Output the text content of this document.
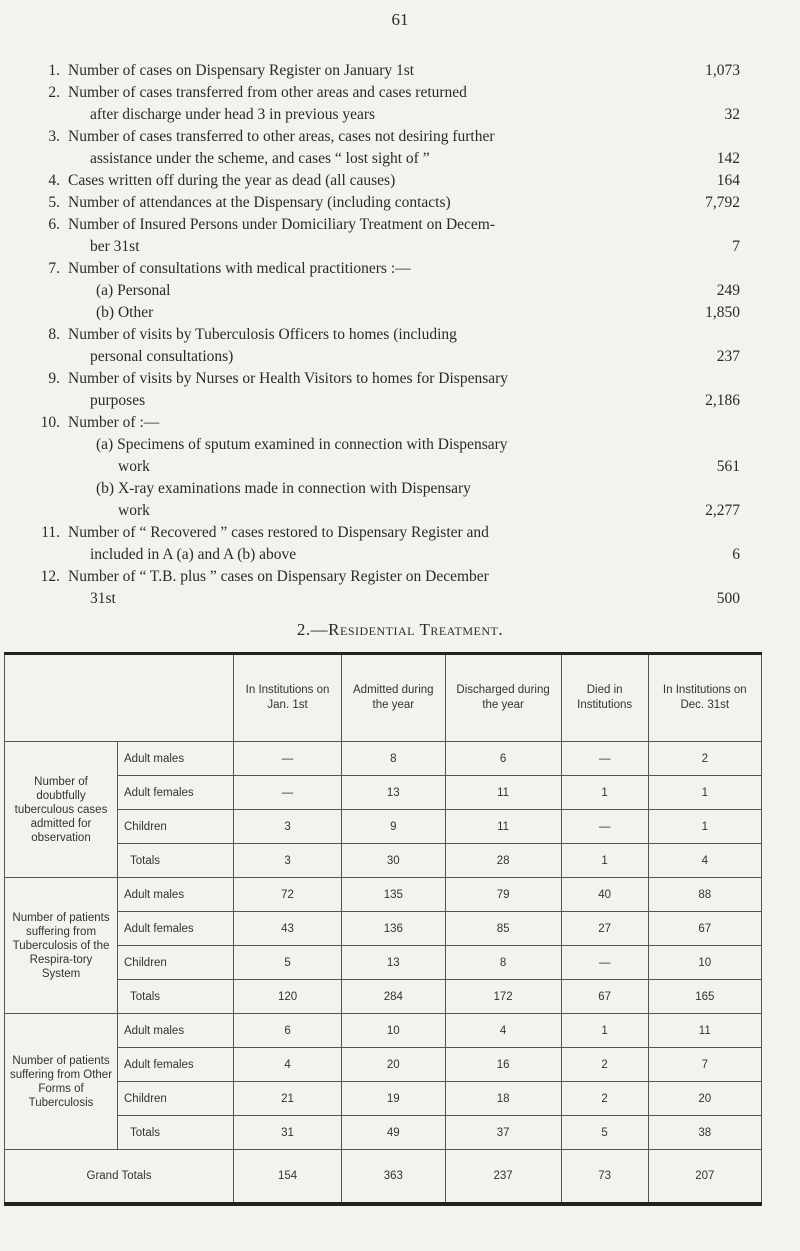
61
1. Number of cases on Dispensary Register on January 1st	1,073
2. Number of cases transferred from other areas and cases returned
after discharge under head 3 in previous years	32
3. Number of cases transferred to other areas, cases not desiring further
assistance under the scheme, and cases “ lost sight of ”	142
4. Cases written off during the year as dead (all causes)	164
5. Number of attendances at the Dispensary (including contacts)	7,792
6. Number of Insured Persons under Domiciliary Treatment on Decem-
ber 31st	7
7. Number of consultations with medical practitioners :—
(a) Personal	249
(b) Other	1,850
8. Number of visits by Tuberculosis Officers to homes (including
personal consultations)	237
9. Number of visits by Nurses or Health Visitors to homes for Dispensary
purposes	2,186
10. Number of :—
(a) Specimens of sputum examined in connection with Dispensary
work	561
(b) X-ray examinations made in connection with Dispensary
work	2,277
11. Number of “ Recovered ” cases restored to Dispensary Register and
included in A (a) and A (b) above	6
12. Number of “ T.B. plus ” cases on Dispensary Register on December
31st	500
2.—Residential Treatment.
		In Institutions on Jan. 1st	Admitted during the year	Discharged during the year	Died in Institutions	In Institutions on Dec. 31st
Number of doubtfully tuberculous cases admitted for observation	Adult males	—	8	6	—	2
	Adult females	—	13	11	1	1
	Children	3	9	11	—	1
	Totals	3	30	28	1	4
Number of patients suffering from Tuberculosis of the Respira-tory System	Adult males	72	135	79	40	88
	Adult females	43	136	85	27	67
	Children	5	13	8	—	10
	Totals	120	284	172	67	165
Number of patients suffering from Other Forms of Tuberculosis	Adult males	6	10	4	1	11
	Adult females	4	20	16	2	7
	Children	21	19	18	2	20
	Totals	31	49	37	5	38
Grand Totals		154	363	237	73	207
